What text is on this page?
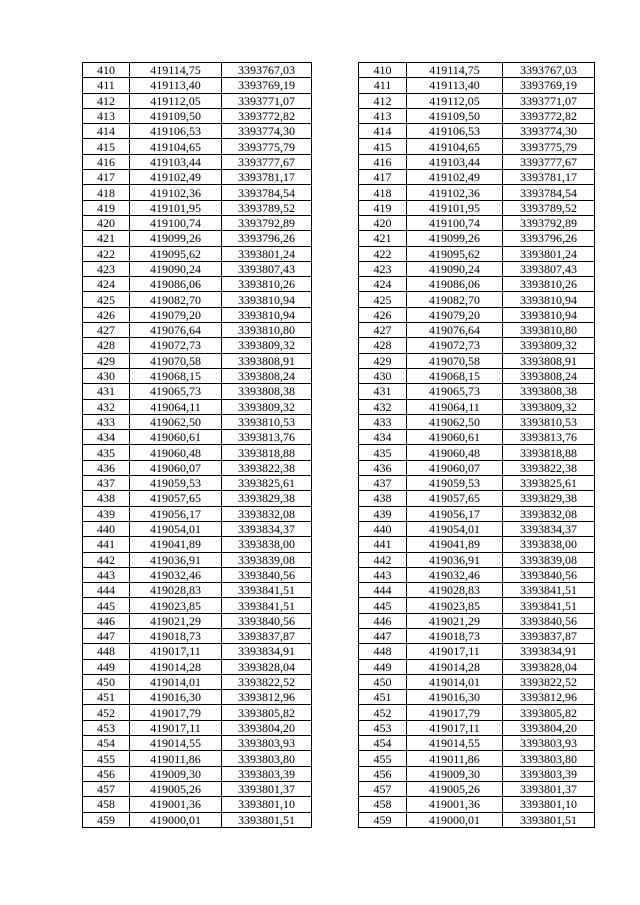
410	419114,75	3393767,03	
411	419113,40	3393769,19	
412	419112,05	3393771,07	
413	419109,50	3393772,82	
414	419106,53	3393774,30	
415	419104,65	3393775,79	
416	419103,44	3393777,67	
417	419102,49	3393781,17	
418	419102,36	3393784,54	
419	419101,95	3393789,52	
420	419100,74	3393792,89	
421	419099,26	3393796,26	
422	419095,62	3393801,24	
423	419090,24	3393807,43	
424	419086,06	3393810,26	
425	419082,70	3393810,94	
426	419079,20	3393810,94	
427	419076,64	3393810,80	
428	419072,73	3393809,32	
429	419070,58	3393808,91	
430	419068,15	3393808,24	
431	419065,73	3393808,38	
432	419064,11	3393809,32	
433	419062,50	3393810,53	
434	419060,61	3393813,76	
435	419060,48	3393818,88	
436	419060,07	3393822,38	
437	419059,53	3393825,61	
438	419057,65	3393829,38	
439	419056,17	3393832,08	
440	419054,01	3393834,37	
441	419041,89	3393838,00	
442	419036,91	3393839,08	
443	419032,46	3393840,56	
444	419028,83	3393841,51	
445	419023,85	3393841,51	
446	419021,29	3393840,56	
447	419018,73	3393837,87	
448	419017,11	3393834,91	
449	419014,28	3393828,04	
450	419014,01	3393822,52	
451	419016,30	3393812,96	
452	419017,79	3393805,82	
453	419017,11	3393804,20	
454	419014,55	3393803,93	
455	419011,86	3393803,80	
456	419009,30	3393803,39	
457	419005,26	3393801,37	
458	419001,36	3393801,10	
459	419000,01	3393801,51	
410	419114,75	3393767,03
411	419113,40	3393769,19
412	419112,05	3393771,07
413	419109,50	3393772,82
414	419106,53	3393774,30
415	419104,65	3393775,79
416	419103,44	3393777,67
417	419102,49	3393781,17
418	419102,36	3393784,54
419	419101,95	3393789,52
420	419100,74	3393792,89
421	419099,26	3393796,26
422	419095,62	3393801,24
423	419090,24	3393807,43
424	419086,06	3393810,26
425	419082,70	3393810,94
426	419079,20	3393810,94
427	419076,64	3393810,80
428	419072,73	3393809,32
429	419070,58	3393808,91
430	419068,15	3393808,24
431	419065,73	3393808,38
432	419064,11	3393809,32
433	419062,50	3393810,53
434	419060,61	3393813,76
435	419060,48	3393818,88
436	419060,07	3393822,38
437	419059,53	3393825,61
438	419057,65	3393829,38
439	419056,17	3393832,08
440	419054,01	3393834,37
441	419041,89	3393838,00
442	419036,91	3393839,08
443	419032,46	3393840,56
444	419028,83	3393841,51
445	419023,85	3393841,51
446	419021,29	3393840,56
447	419018,73	3393837,87
448	419017,11	3393834,91
449	419014,28	3393828,04
450	419014,01	3393822,52
451	419016,30	3393812,96
452	419017,79	3393805,82
453	419017,11	3393804,20
454	419014,55	3393803,93
455	419011,86	3393803,80
456	419009,30	3393803,39
457	419005,26	3393801,37
458	419001,36	3393801,10
459	419000,01	3393801,51
